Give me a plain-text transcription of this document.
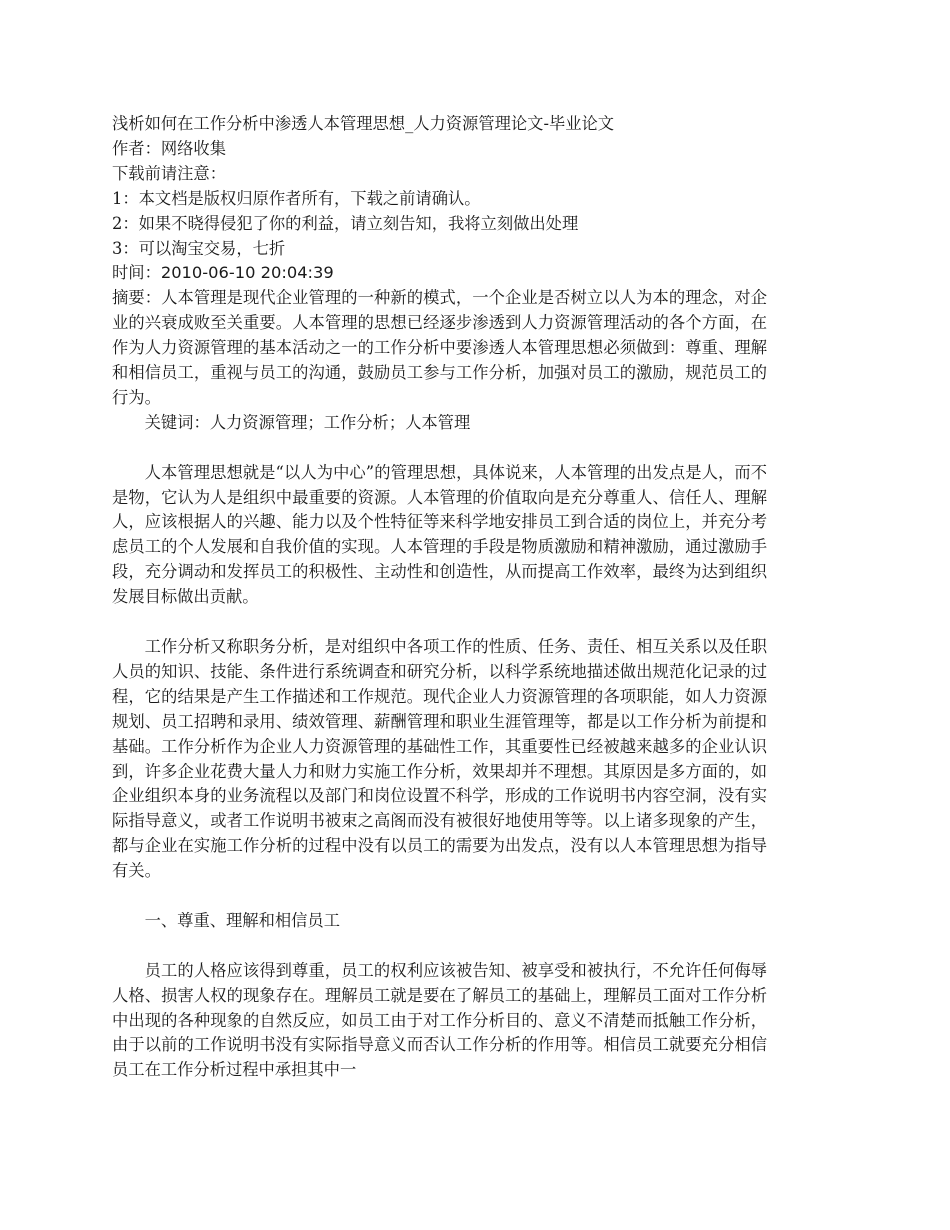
浅析如何在工作分析中渗透人本管理思想_人力资源管理论文-毕业论文

作者：网络收集

下载前请注意：

1：本文档是版权归原作者所有，下载之前请确认。

2：如果不晓得侵犯了你的利益，请立刻告知，我将立刻做出处理

3：可以淘宝交易，七折

时间：2010-06-10 20:04:39

摘要：人本管理是现代企业管理的一种新的模式，一个企业是否树立以人为本的理念，对企业的兴衰成败至关重要。人本管理的思想已经逐步渗透到人力资源管理活动的各个方面，在作为人力资源管理的基本活动之一的工作分析中要渗透人本管理思想必须做到：尊重、理解和相信员工，重视与员工的沟通，鼓励员工参与工作分析，加强对员工的激励，规范员工的行为。

关键词：人力资源管理；工作分析；人本管理

人本管理思想就是“以人为中心”的管理思想，具体说来，人本管理的出发点是人，而不是物，它认为人是组织中最重要的资源。人本管理的价值取向是充分尊重人、信任人、理解人，应该根据人的兴趣、能力以及个性特征等来科学地安排员工到合适的岗位上，并充分考虑员工的个人发展和自我价值的实现。人本管理的手段是物质激励和精神激励，通过激励手段，充分调动和发挥员工的积极性、主动性和创造性，从而提高工作效率，最终为达到组织发展目标做出贡献。

工作分析又称职务分析，是对组织中各项工作的性质、任务、责任、相互关系以及任职人员的知识、技能、条件进行系统调查和研究分析，以科学系统地描述做出规范化记录的过程，它的结果是产生工作描述和工作规范。现代企业人力资源管理的各项职能，如人力资源规划、员工招聘和录用、绩效管理、薪酬管理和职业生涯管理等，都是以工作分析为前提和基础。工作分析作为企业人力资源管理的基础性工作，其重要性已经被越来越多的企业认识到，许多企业花费大量人力和财力实施工作分析，效果却并不理想。其原因是多方面的，如企业组织本身的业务流程以及部门和岗位设置不科学，形成的工作说明书内容空洞，没有实际指导意义，或者工作说明书被束之高阁而没有被很好地使用等等。以上诸多现象的产生，都与企业在实施工作分析的过程中没有以员工的需要为出发点，没有以人本管理思想为指导有关。

一、尊重、理解和相信员工

员工的人格应该得到尊重，员工的权利应该被告知、被享受和被执行，不允许任何侮辱人格、损害人权的现象存在。理解员工就是要在了解员工的基础上，理解员工面对工作分析中出现的各种现象的自然反应，如员工由于对工作分析目的、意义不清楚而抵触工作分析，由于以前的工作说明书没有实际指导意义而否认工作分析的作用等。相信员工就要充分相信员工在工作分析过程中承担其中一
